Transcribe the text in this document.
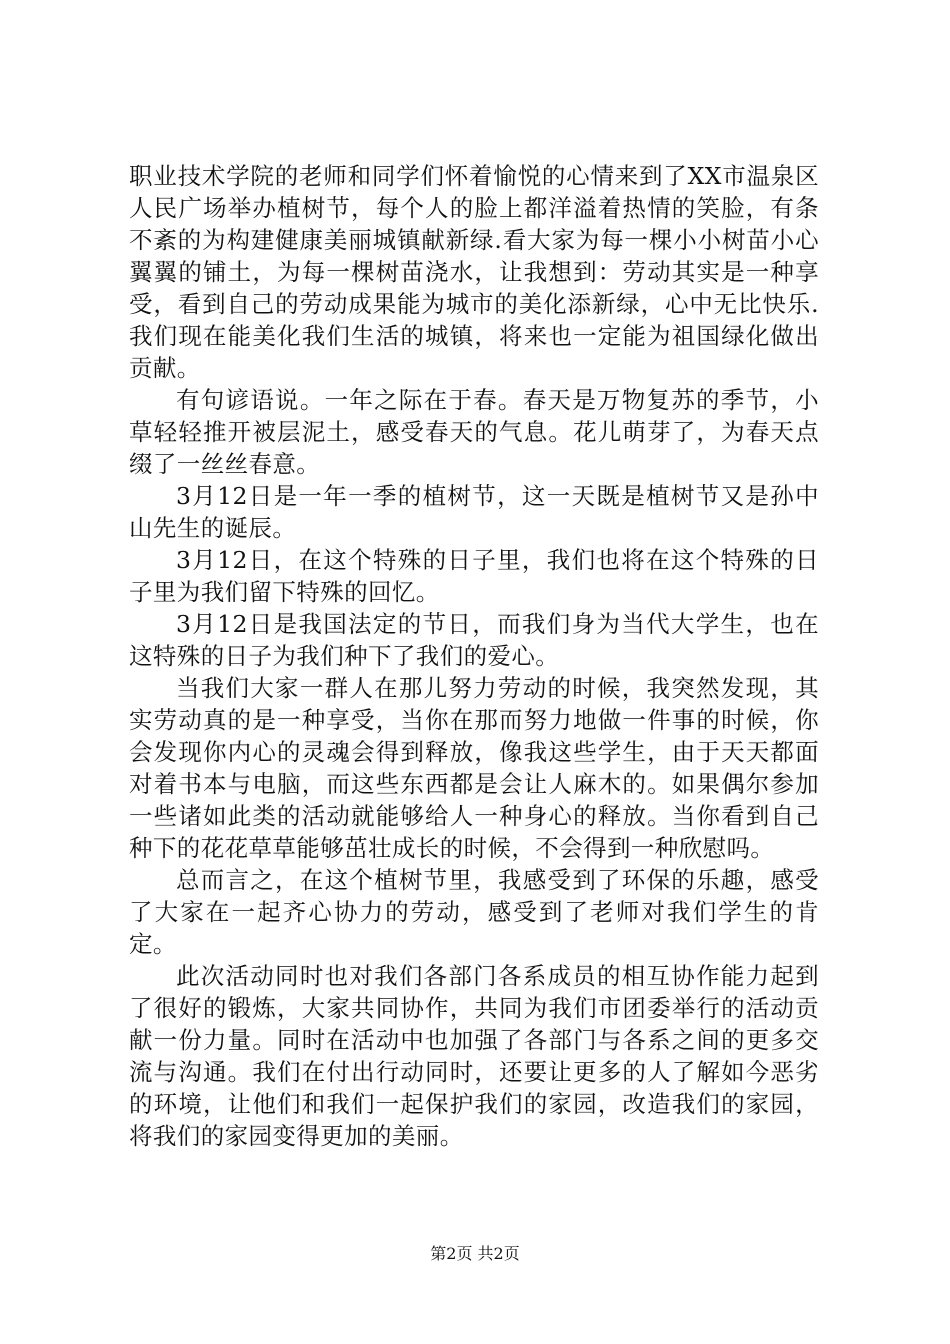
职业技术学院的老师和同学们怀着愉悦的心情来到了XX市温泉区人民广场举办植树节，每个人的脸上都洋溢着热情的笑脸，有条不紊的为构建健康美丽城镇献新绿.看大家为每一棵小小树苗小心翼翼的铺土，为每一棵树苗浇水，让我想到：劳动其实是一种享受，看到自己的劳动成果能为城市的美化添新绿，心中无比快乐.我们现在能美化我们生活的城镇，将来也一定能为祖国绿化做出贡献。

有句谚语说。一年之际在于春。春天是万物复苏的季节，小草轻轻推开被层泥土，感受春天的气息。花儿萌芽了，为春天点缀了一丝丝春意。

3月12日是一年一季的植树节，这一天既是植树节又是孙中山先生的诞辰。

3月12日，在这个特殊的日子里，我们也将在这个特殊的日子里为我们留下特殊的回忆。

3月12日是我国法定的节日，而我们身为当代大学生，也在这特殊的日子为我们种下了我们的爱心。

当我们大家一群人在那儿努力劳动的时候，我突然发现，其实劳动真的是一种享受，当你在那而努力地做一件事的时候，你会发现你内心的灵魂会得到释放，像我这些学生，由于天天都面对着书本与电脑，而这些东西都是会让人麻木的。如果偶尔参加一些诸如此类的活动就能够给人一种身心的释放。当你看到自己种下的花花草草能够茁壮成长的时候，不会得到一种欣慰吗。

总而言之，在这个植树节里，我感受到了环保的乐趣，感受了大家在一起齐心协力的劳动，感受到了老师对我们学生的肯定。

此次活动同时也对我们各部门各系成员的相互协作能力起到了很好的锻炼，大家共同协作，共同为我们市团委举行的活动贡献一份力量。同时在活动中也加强了各部门与各系之间的更多交流与沟通。我们在付出行动同时，还要让更多的人了解如今恶劣的环境，让他们和我们一起保护我们的家园，改造我们的家园，将我们的家园变得更加的美丽。

第2页 共2页
